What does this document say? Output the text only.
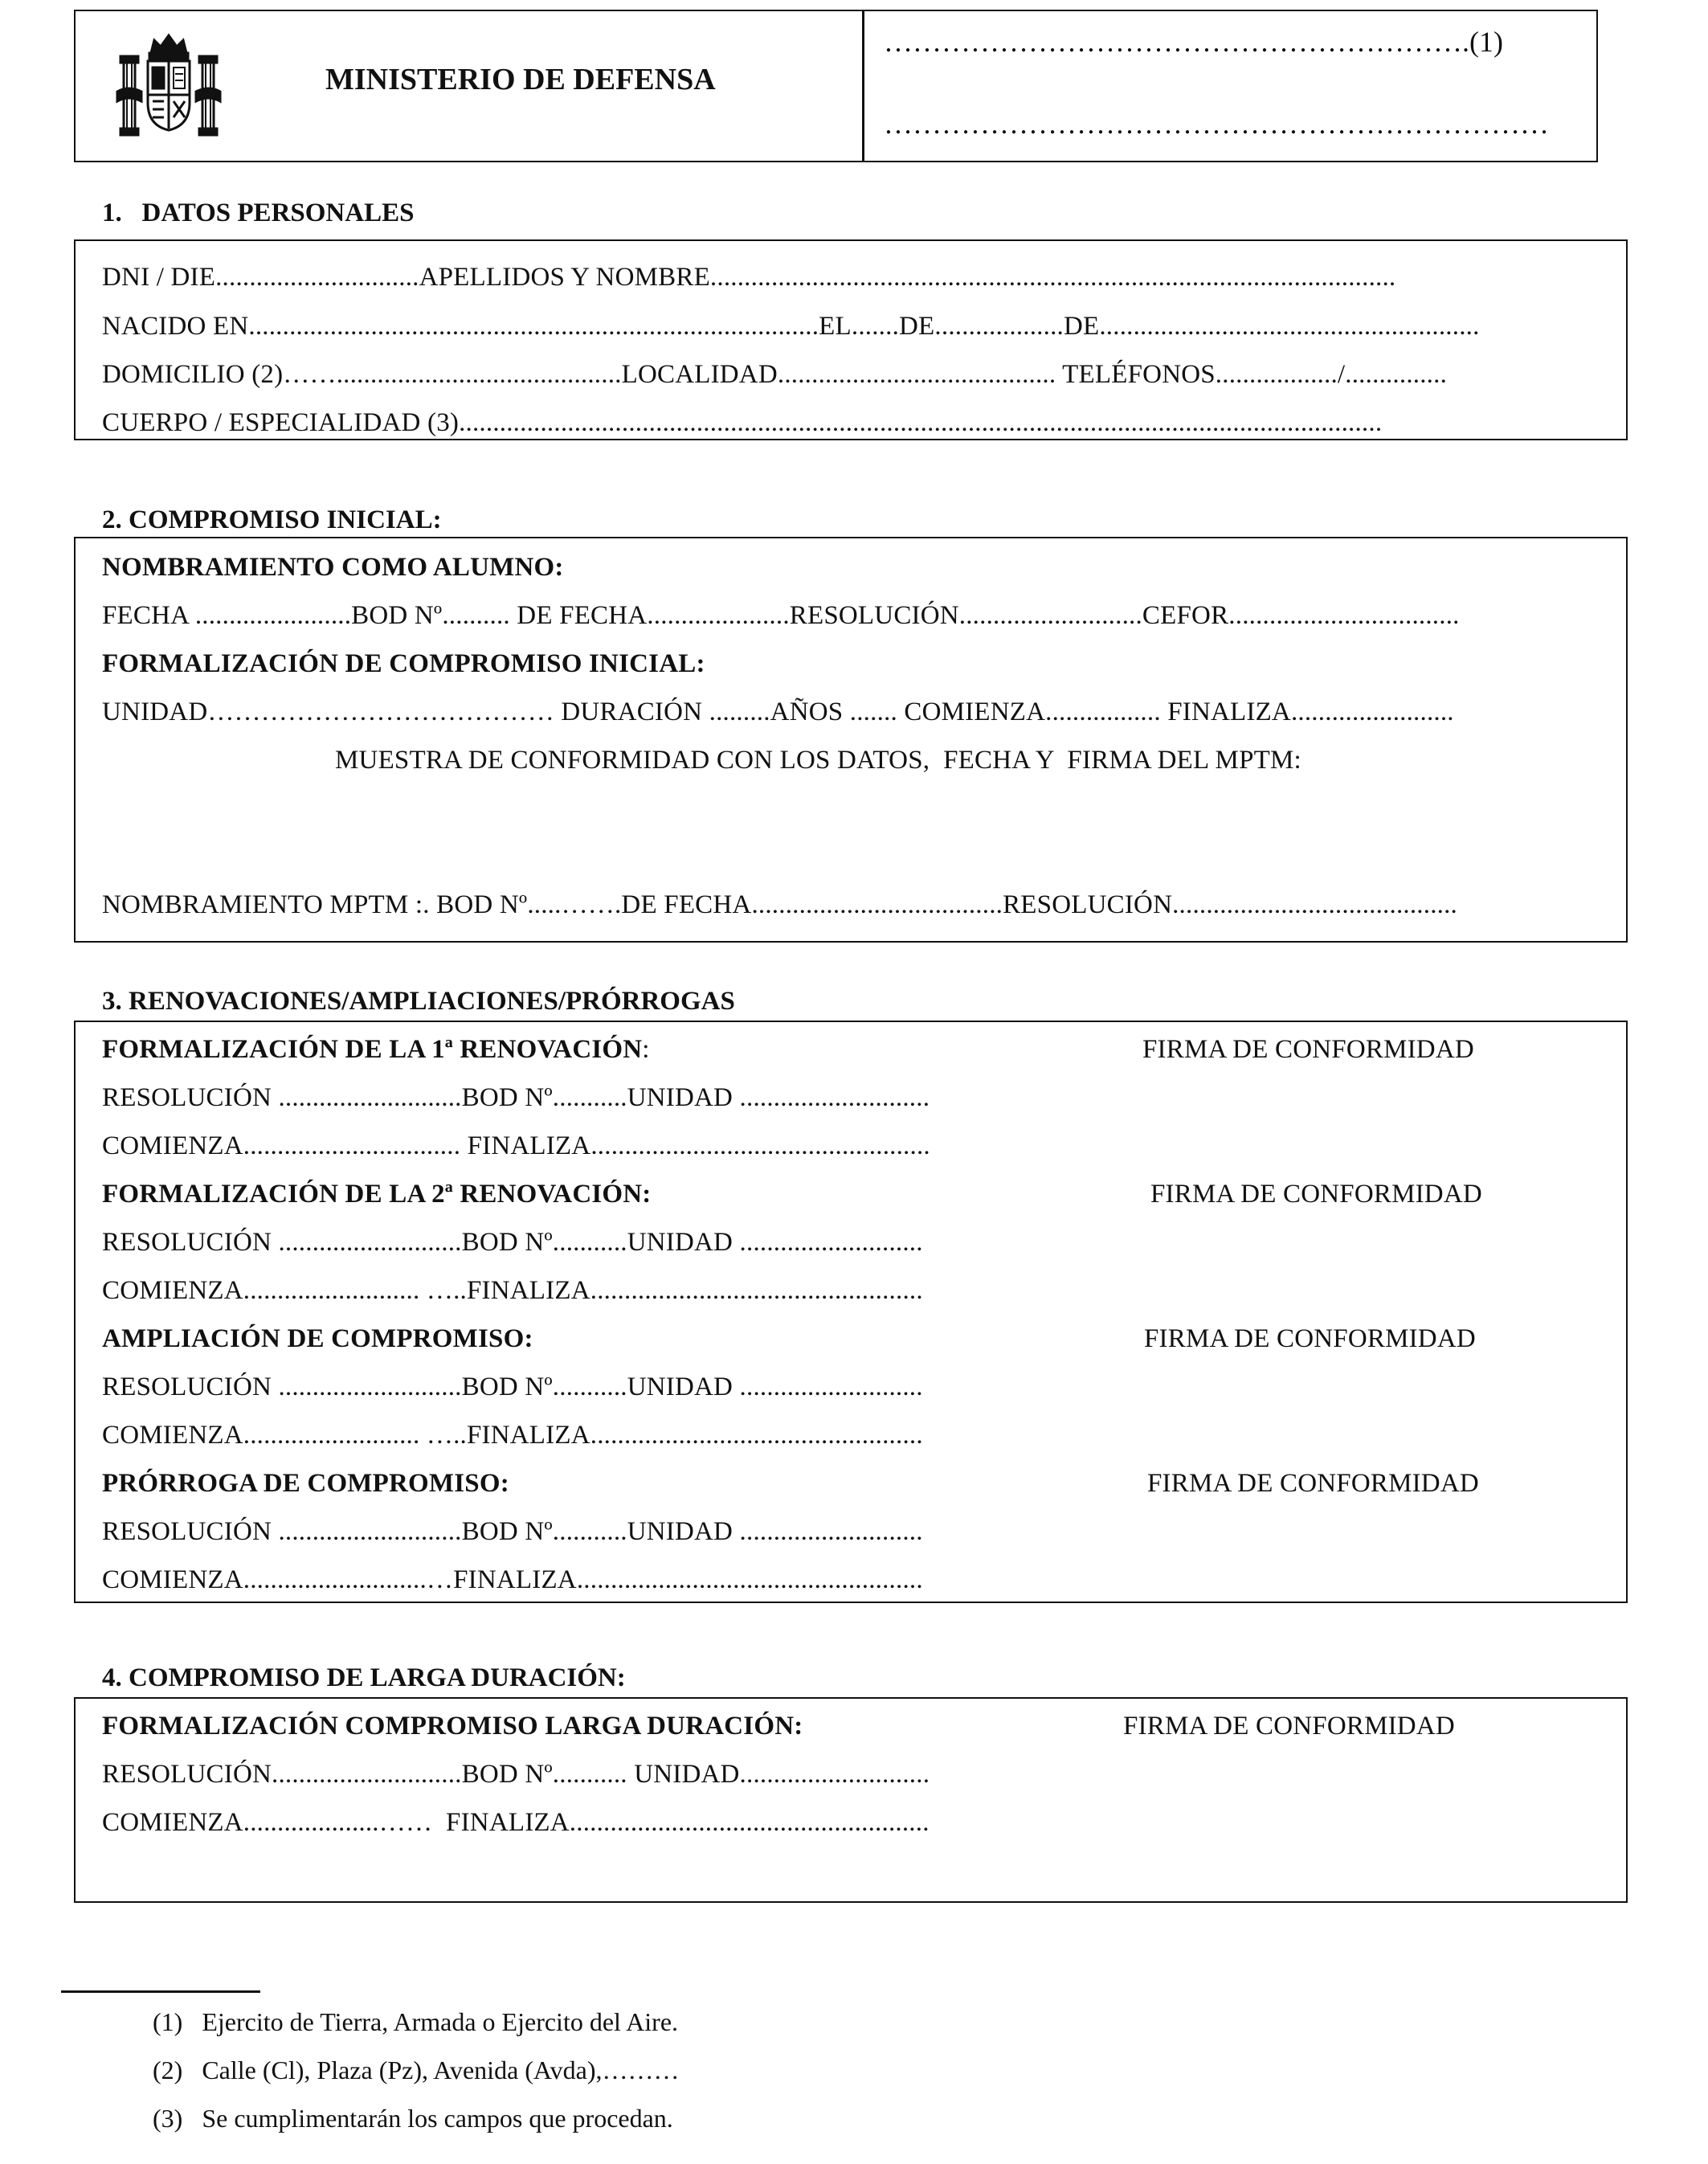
MINISTERIO DE DEFENSA
…………………………………………………….(1)
……………………………………………………………
1.   DATOS PERSONALES
DNI / DIE..............................APELLIDOS Y NOMBRE.....................................................................................................
NACIDO EN....................................................................................EL.......DE...................DE........................................................
DOMICILIO (2)……..........................................LOCALIDAD......................................... TELÉFONOS................../...............
CUERPO / ESPECIALIDAD (3)........................................................................................................................................
2. COMPROMISO INICIAL:
NOMBRAMIENTO COMO ALUMNO:
FECHA .......................BOD Nº.......... DE FECHA.....................RESOLUCIÓN...........................CEFOR..................................
FORMALIZACIÓN DE COMPROMISO INICIAL:
UNIDAD………………………………… DURACIÓN .........AÑOS ....... COMIENZA................. FINALIZA........................
MUESTRA DE CONFORMIDAD CON LOS DATOS,  FECHA Y  FIRMA DEL MPTM:
NOMBRAMIENTO MPTM :. BOD Nº.....…….DE FECHA.....................................RESOLUCIÓN..........................................
3. RENOVACIONES/AMPLIACIONES/PRÓRROGAS
FORMALIZACIÓN DE LA 1ª RENOVACIÓN:	FIRMA DE CONFORMIDAD
RESOLUCIÓN ...........................BOD Nº...........UNIDAD ............................
COMIENZA................................ FINALIZA..................................................
FORMALIZACIÓN DE LA 2ª RENOVACIÓN:	FIRMA DE CONFORMIDAD
RESOLUCIÓN ...........................BOD Nº...........UNIDAD ...........................
COMIENZA.......................... …..FINALIZA.................................................
AMPLIACIÓN DE COMPROMISO:	FIRMA DE CONFORMIDAD
RESOLUCIÓN ...........................BOD Nº...........UNIDAD ...........................
COMIENZA.......................... …..FINALIZA.................................................
PRÓRROGA DE COMPROMISO:	FIRMA DE CONFORMIDAD
RESOLUCIÓN ...........................BOD Nº...........UNIDAD ...........................
COMIENZA...........................…FINALIZA...................................................
4. COMPROMISO DE LARGA DURACIÓN:
FORMALIZACIÓN COMPROMISO LARGA DURACIÓN:	FIRMA DE CONFORMIDAD
RESOLUCIÓN............................BOD Nº........... UNIDAD............................
COMIENZA....................……  FINALIZA.....................................................
(1)   Ejercito de Tierra, Armada o Ejercito del Aire.
(2)   Calle (Cl), Plaza (Pz), Avenida (Avda),………
(3)   Se cumplimentarán los campos que procedan.
